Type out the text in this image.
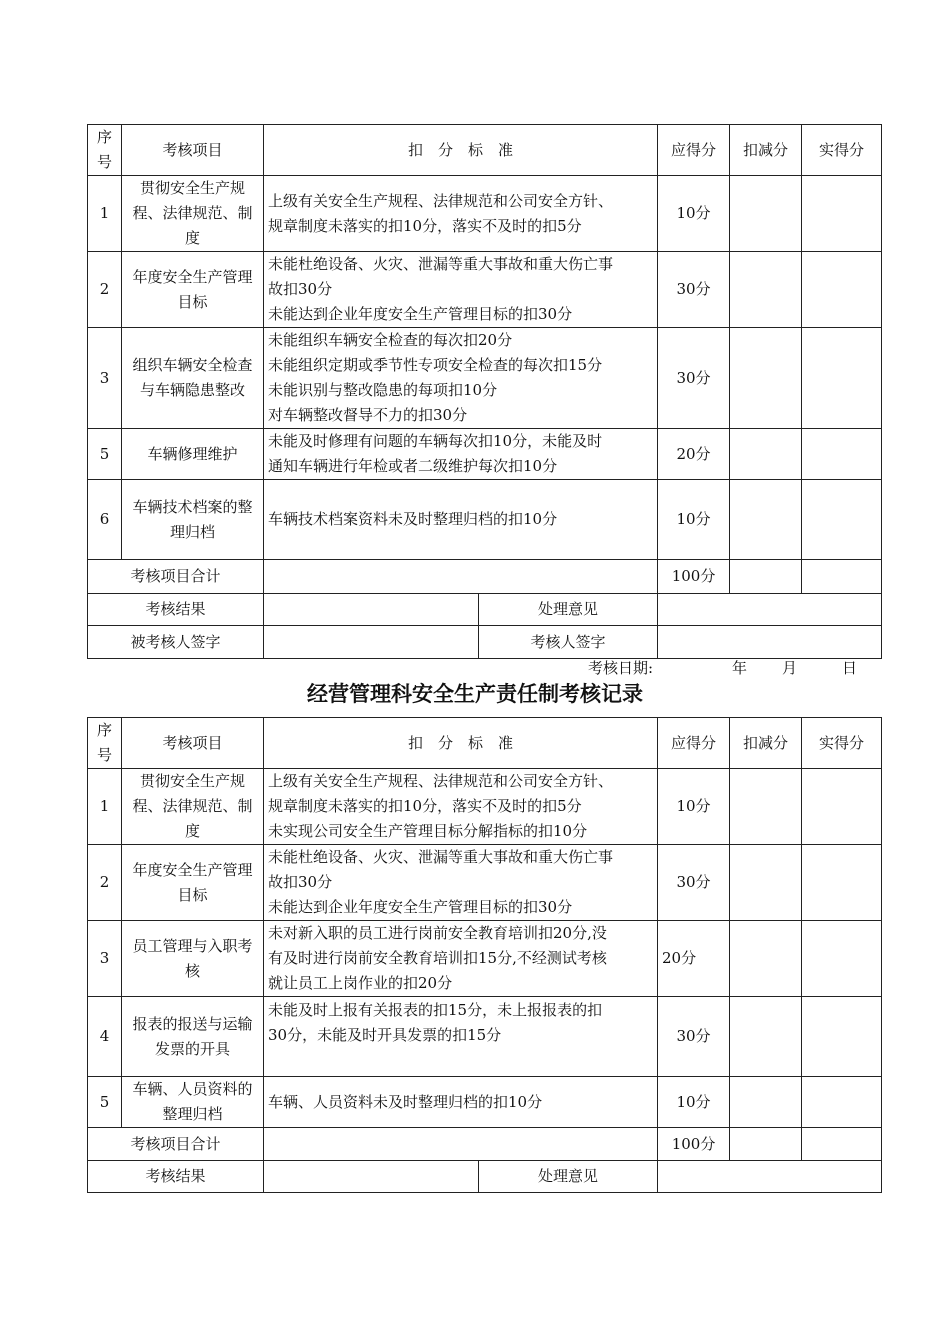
序号	考核项目	扣　分　标　准		应得分	扣减分	实得分
1	贯彻安全生产规程、法律规范、制度	上级有关安全生产规程、法律规范和公司安全方针、
规章制度未落实的扣10分，落实不及时的扣5分		10分		
2	年度安全生产管理目标	未能杜绝设备、火灾、泄漏等重大事故和重大伤亡事
故扣30分
未能达到企业年度安全生产管理目标的扣30分		30分		
3	组织车辆安全检查与车辆隐患整改	未能组织车辆安全检查的每次扣20分
未能组织定期或季节性专项安全检查的每次扣15分
未能识别与整改隐患的每项扣10分
对车辆整改督导不力的扣30分		30分		
5	车辆修理维护	未能及时修理有问题的车辆每次扣10分，未能及时
通知车辆进行年检或者二级维护每次扣10分		20分		
6	车辆技术档案的整理归档	车辆技术档案资料未及时整理归档的扣10分		10分		
考核项目合计				100分		
考核结果			处理意见			
被考核人签字			考核人签字			
考核日期:	年 月	日
经营管理科安全生产责任制考核记录
序号	考核项目	扣　分　标　准		应得分	扣减分	实得分
1	贯彻安全生产规程、法律规范、制度	上级有关安全生产规程、法律规范和公司安全方针、
规章制度未落实的扣10分，落实不及时的扣5分
未实现公司安全生产管理目标分解指标的扣10分		10分		
2	年度安全生产管理目标	未能杜绝设备、火灾、泄漏等重大事故和重大伤亡事
故扣30分
未能达到企业年度安全生产管理目标的扣30分		30分		
3	员工管理与入职考核	未对新入职的员工进行岗前安全教育培训扣20分,没
有及时进行岗前安全教育培训扣15分,不经测试考核
就让员工上岗作业的扣20分		20分		
4	报表的报送与运输发票的开具	未能及时上报有关报表的扣15分，未上报报表的扣
30分，未能及时开具发票的扣15分		30分		
5	车辆、人员资料的整理归档	车辆、人员资料未及时整理归档的扣10分		10分		
考核项目合计				100分		
考核结果			处理意见			
